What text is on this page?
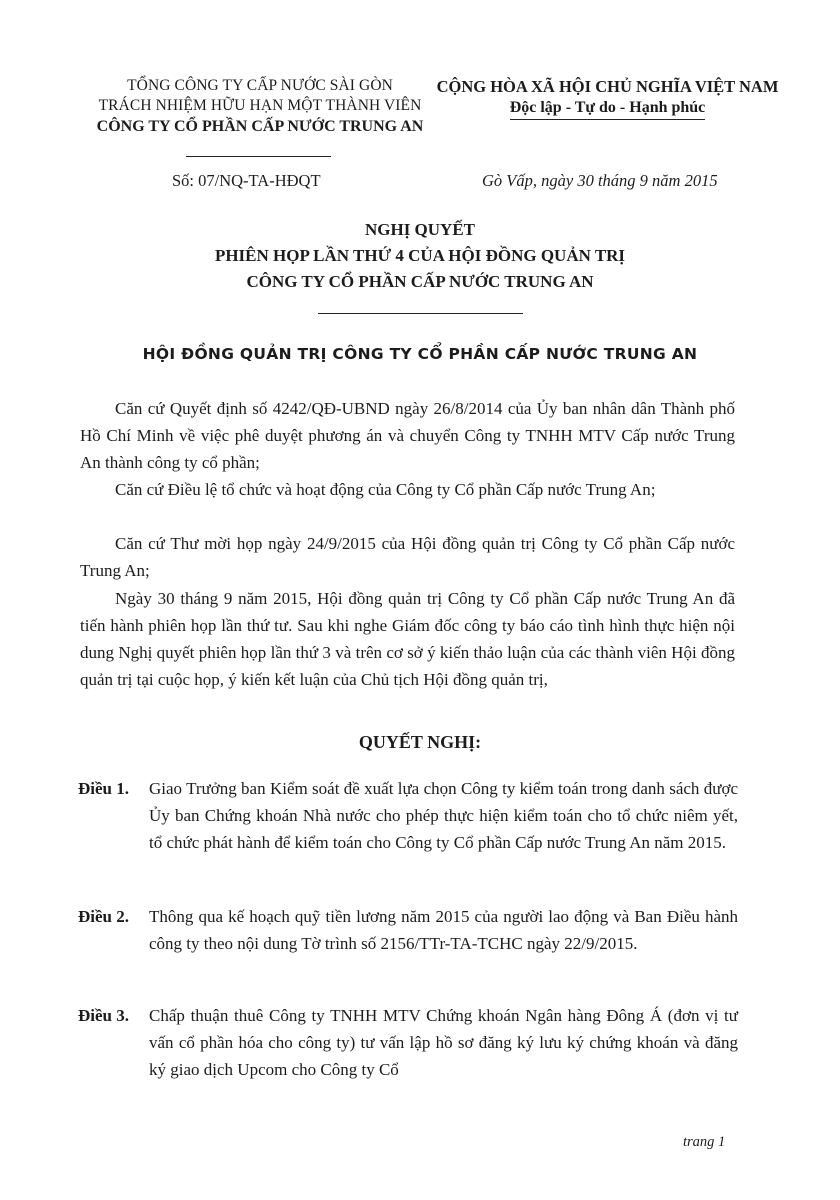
TỔNG CÔNG TY CẤP NƯỚC SÀI GÒN
TRÁCH NHIỆM HỮU HẠN MỘT THÀNH VIÊN
CÔNG TY CỔ PHẦN CẤP NƯỚC TRUNG AN
CỘNG HÒA XÃ HỘI CHỦ NGHĨA VIỆT NAM
Độc lập - Tự do - Hạnh phúc
Số: 07/NQ-TA-HĐQT	Gò Vấp, ngày 30 tháng 9 năm 2015
NGHỊ QUYẾT
PHIÊN HỌP LẦN THỨ 4 CỦA HỘI ĐỒNG QUẢN TRỊ
CÔNG TY CỔ PHẦN CẤP NƯỚC TRUNG AN
HỘI ĐỒNG QUẢN TRỊ CÔNG TY CỔ PHẦN CẤP NƯỚC TRUNG AN
Căn cứ Quyết định số 4242/QĐ-UBND ngày 26/8/2014 của Ủy ban nhân dân Thành phố Hồ Chí Minh về việc phê duyệt phương án và chuyển Công ty TNHH MTV Cấp nước Trung An thành công ty cổ phần;
Căn cứ Điều lệ tổ chức và hoạt động của Công ty Cổ phần Cấp nước Trung An;
Căn cứ Thư mời họp ngày 24/9/2015 của Hội đồng quản trị Công ty Cổ phần Cấp nước Trung An;
Ngày 30 tháng 9 năm 2015, Hội đồng quản trị Công ty Cổ phần Cấp nước Trung An đã tiến hành phiên họp lần thứ tư. Sau khi nghe Giám đốc công ty báo cáo tình hình thực hiện nội dung Nghị quyết phiên họp lần thứ 3 và trên cơ sở ý kiến thảo luận của các thành viên Hội đồng quản trị tại cuộc họp, ý kiến kết luận của Chủ tịch Hội đồng quản trị,
QUYẾT NGHỊ:
Điều 1. Giao Trưởng ban Kiểm soát đề xuất lựa chọn Công ty kiểm toán trong danh sách được Ủy ban Chứng khoán Nhà nước cho phép thực hiện kiểm toán cho tổ chức niêm yết, tổ chức phát hành để kiểm toán cho Công ty Cổ phần Cấp nước Trung An năm 2015.
Điều 2. Thông qua kế hoạch quỹ tiền lương năm 2015 của người lao động và Ban Điều hành công ty theo nội dung Tờ trình số 2156/TTr-TA-TCHC ngày 22/9/2015.
Điều 3. Chấp thuận thuê Công ty TNHH MTV Chứng khoán Ngân hàng Đông Á (đơn vị tư vấn cổ phần hóa cho công ty) tư vấn lập hồ sơ đăng ký lưu ký chứng khoán và đăng ký giao dịch Upcom cho Công ty Cổ
trang 1
